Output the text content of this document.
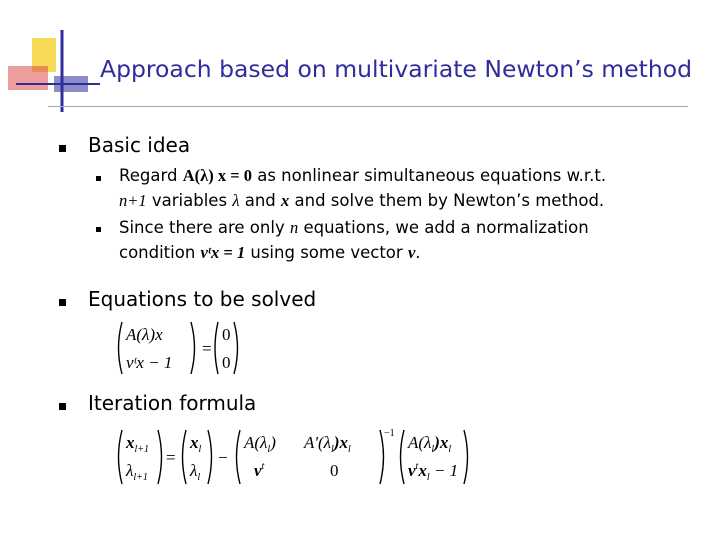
Approach based on multivariate Newton’s method
Basic idea
Regard A(λ) x = 0 as nonlinear simultaneous equations w.r.t.
n+1 variables λ and x and solve them by Newton’s method.
Since there are only n equations, we add a normalization
condition vᵗx = 1 using some vector v.
Equations to be solved
A(λ)x
vᵗx − 1
=
0
0
Iteration formula
$x_{l+1}$
$\lambda_{l+1}$
=
$x_l$
$\lambda_l$
−
$A(\lambda_l)$ $A'(\lambda_l)x_l$
$v^t$	0
−1 $A(\lambda_l)x_l$
$v^tx_l - 1$
